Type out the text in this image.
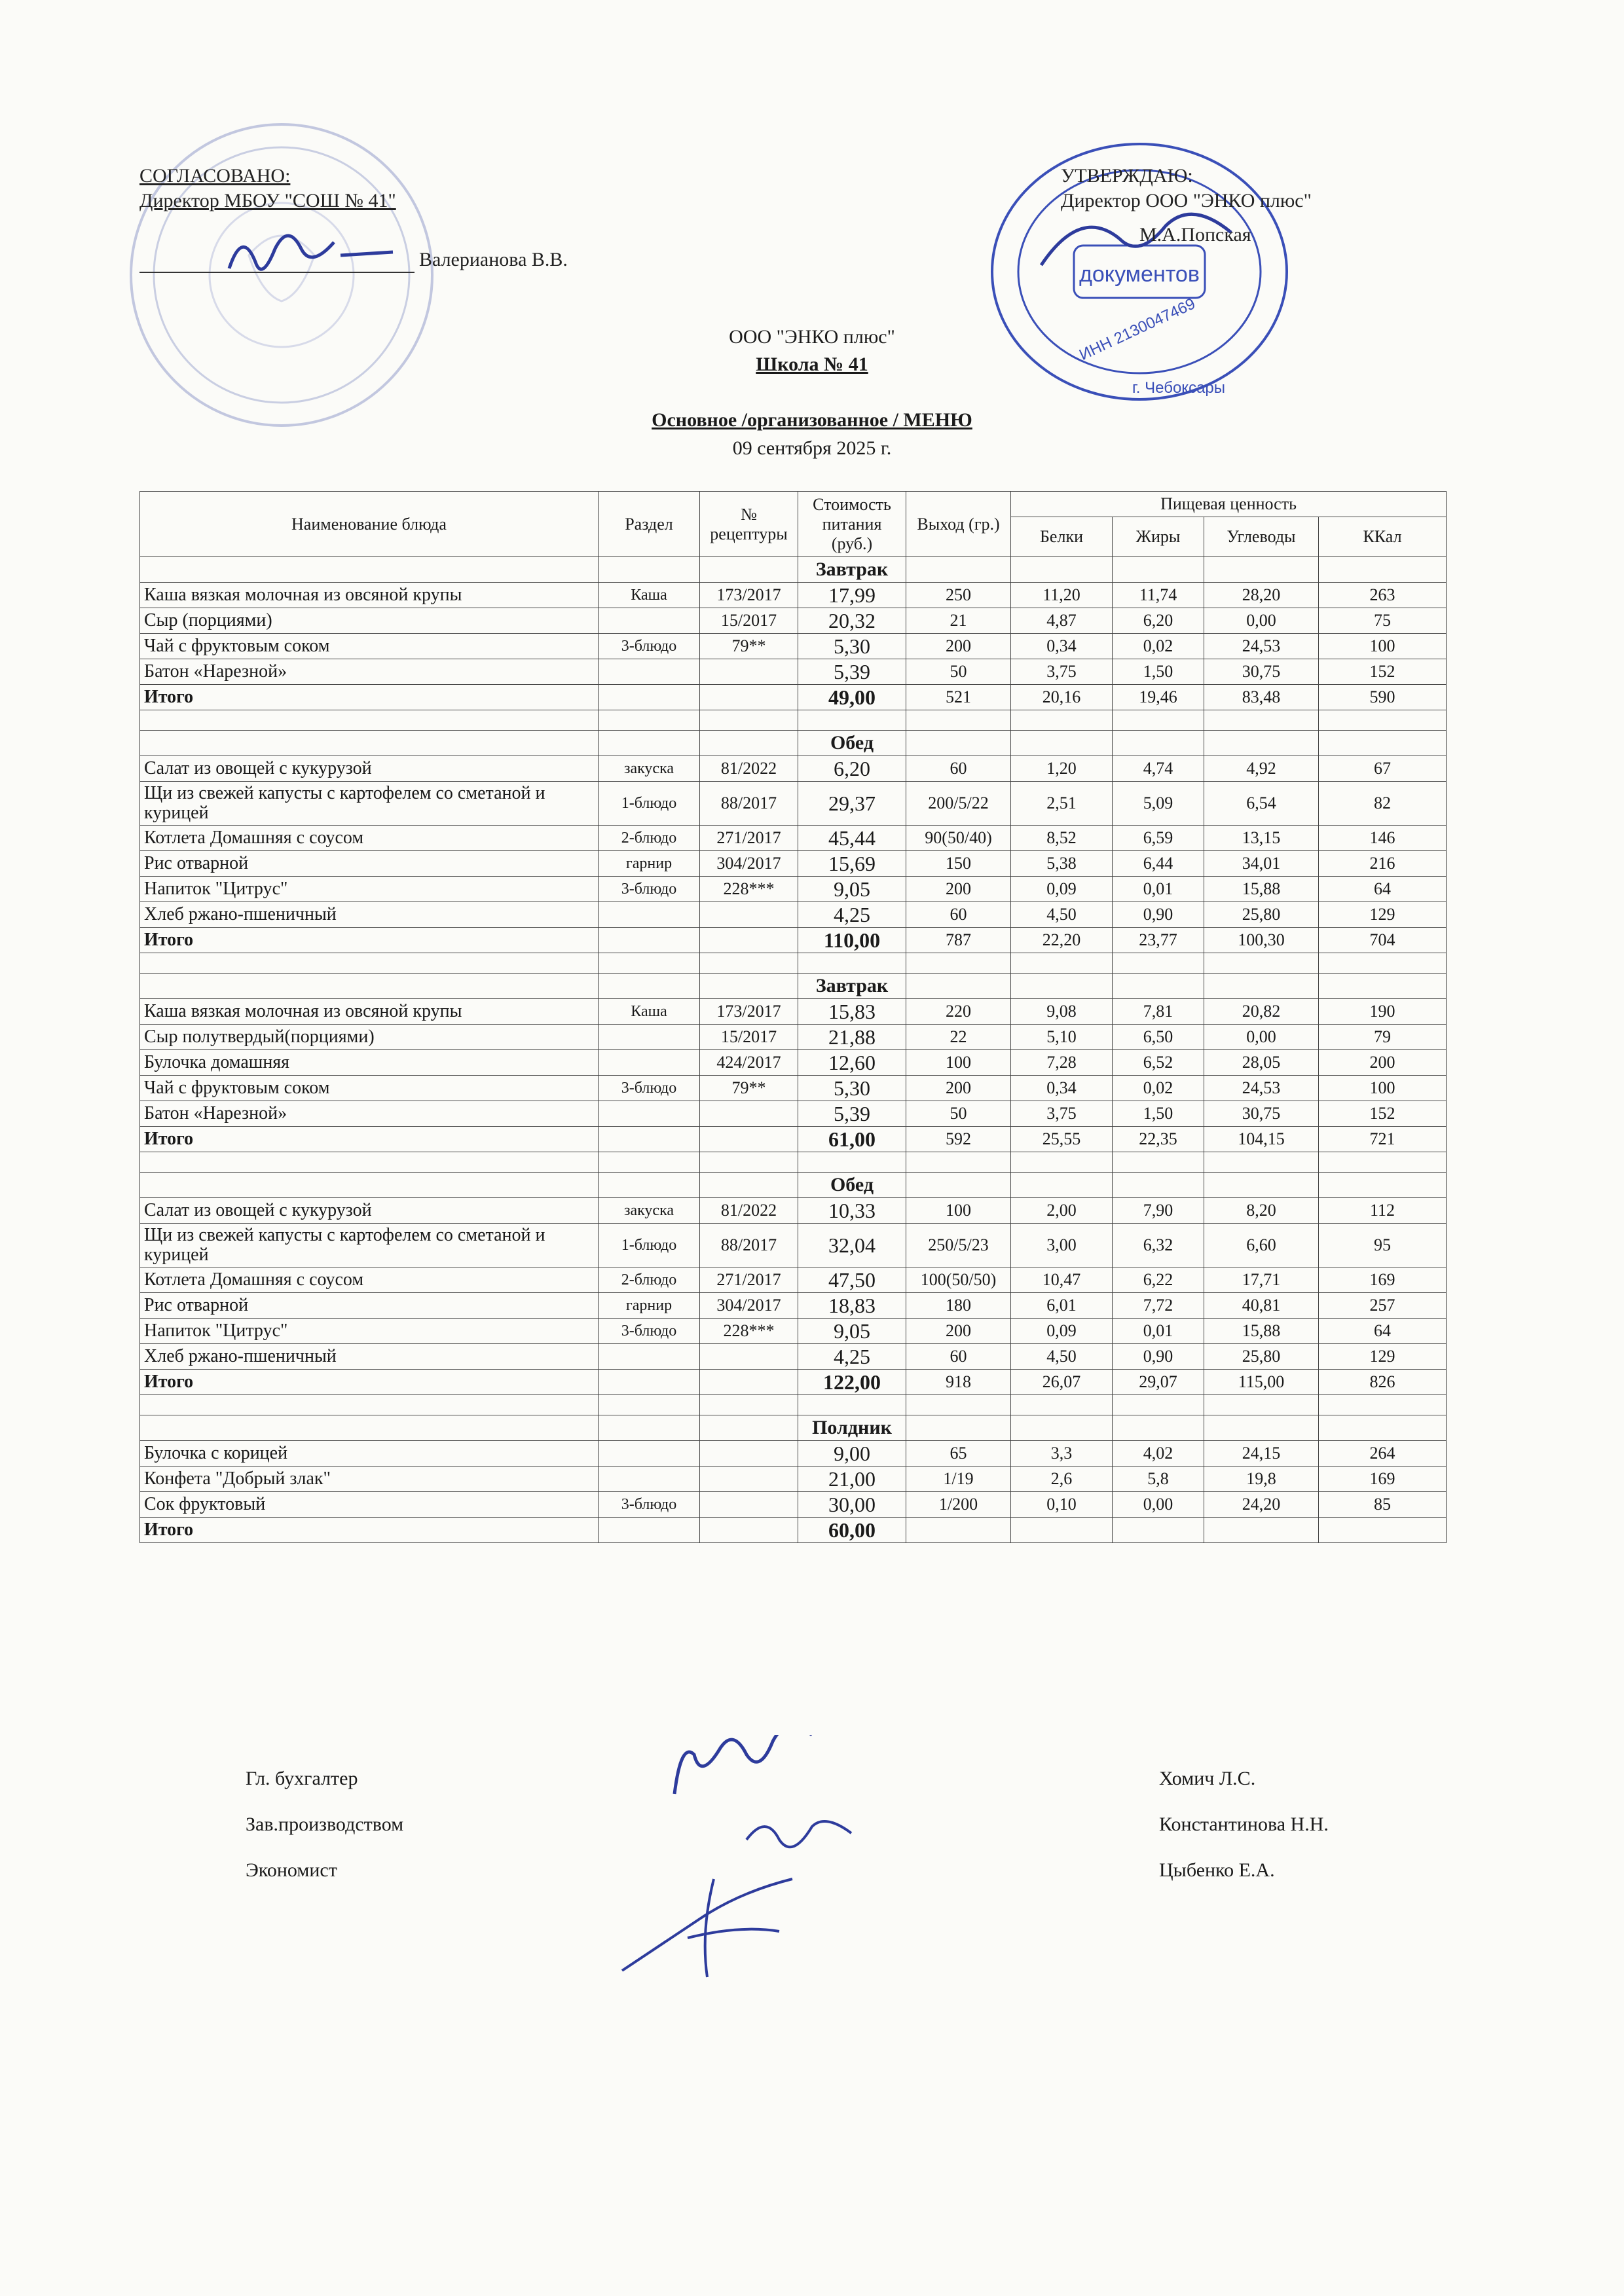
документов
ИНН 2130047469
г. Чебоксары
СОГЛАСОВАНО:
Директор МБОУ "СОШ № 41"
Валерианова В.В.
УТВЕРЖДАЮ:
Директор ООО "ЭНКО плюс"
М.А.Попская
ООО "ЭНКО плюс"
Школа № 41
Основное /организованное / МЕНЮ
09 сентября 2025 г.
Наименование блюда	Раздел	№ рецептуры	Стоимость питания (руб.)	Выход (гр.)	Пищевая ценность			
					Белки	Жиры	Углеводы	ККал
			Завтрак					
Каша вязкая молочная из овсяной крупы	Каша	173/2017	17,99	250	11,20	11,74	28,20	263
Сыр (порциями)		15/2017	20,32	21	4,87	6,20	0,00	75
Чай с фруктовым соком	3-блюдо	79**	5,30	200	0,34	0,02	24,53	100
Батон «Нарезной»			5,39	50	3,75	1,50	30,75	152
Итого			49,00	521	20,16	19,46	83,48	590

			Обед					
Салат из овощей с кукурузой	закуска	81/2022	6,20	60	1,20	4,74	4,92	67
Щи из свежей капусты с картофелем со сметаной и курицей	1-блюдо	88/2017	29,37	200/5/22	2,51	5,09	6,54	82
Котлета Домашняя с соусом	2-блюдо	271/2017	45,44	90(50/40)	8,52	6,59	13,15	146
Рис отварной	гарнир	304/2017	15,69	150	5,38	6,44	34,01	216
Напиток "Цитрус"	3-блюдо	228***	9,05	200	0,09	0,01	15,88	64
Хлеб ржано-пшеничный			4,25	60	4,50	0,90	25,80	129
Итого			110,00	787	22,20	23,77	100,30	704

			Завтрак					
Каша вязкая молочная из овсяной крупы	Каша	173/2017	15,83	220	9,08	7,81	20,82	190
Сыр полутвердый(порциями)		15/2017	21,88	22	5,10	6,50	0,00	79
Булочка домашняя		424/2017	12,60	100	7,28	6,52	28,05	200
Чай с фруктовым соком	3-блюдо	79**	5,30	200	0,34	0,02	24,53	100
Батон «Нарезной»			5,39	50	3,75	1,50	30,75	152
Итого			61,00	592	25,55	22,35	104,15	721

			Обед					
Салат из овощей с кукурузой	закуска	81/2022	10,33	100	2,00	7,90	8,20	112
Щи из свежей капусты с картофелем со сметаной и курицей	1-блюдо	88/2017	32,04	250/5/23	3,00	6,32	6,60	95
Котлета Домашняя с соусом	2-блюдо	271/2017	47,50	100(50/50)	10,47	6,22	17,71	169
Рис отварной	гарнир	304/2017	18,83	180	6,01	7,72	40,81	257
Напиток "Цитрус"	3-блюдо	228***	9,05	200	0,09	0,01	15,88	64
Хлеб ржано-пшеничный			4,25	60	4,50	0,90	25,80	129
Итого			122,00	918	26,07	29,07	115,00	826

			Полдник					
Булочка с корицей			9,00	65	3,3	4,02	24,15	264
Конфета "Добрый злак"			21,00	1/19	2,6	5,8	19,8	169
Сок фруктовый	3-блюдо		30,00	1/200	0,10	0,00	24,20	85
Итого			60,00					
Гл. бухгалтер
Зав.производством
Экономист
Хомич Л.С.
Константинова Н.Н.
Цыбенко Е.А.
